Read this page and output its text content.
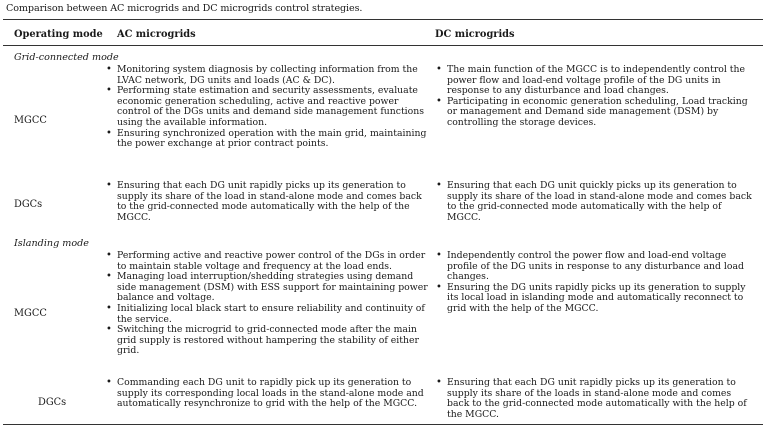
Comparison between AC microgrids and DC microgrids control strategies.
Operating mode AC microgrids	DC microgrids
Grid-connected mode
MGCC
• Monitoring system diagnosis by collecting information from the LVAC network, DG units and loads (AC & DC).
• Performing state estimation and security assessments, evaluate economic generation scheduling, active and reactive power control of the DGs units and demand side management functions using the available information.
• Ensuring synchronized operation with the main grid, maintaining the power exchange at prior contract points.
• The main function of the MGCC is to independently control the power flow and load-end voltage profile of the DG units in response to any disturbance and load changes.
• Participating in economic generation scheduling, Load tracking or management and Demand side management (DSM) by controlling the storage devices.
DGCs
• Ensuring that each DG unit rapidly picks up its generation to supply its share of the load in stand-alone mode and comes back to the grid-connected mode automatically with the help of the MGCC.
• Ensuring that each DG unit quickly picks up its generation to supply its share of the load in stand-alone mode and comes back to the grid-connected mode automatically with the help of MGCC.
Islanding mode
MGCC
• Performing active and reactive power control of the DGs in order to maintain stable voltage and frequency at the load ends.
• Managing load interruption/shedding strategies using demand side management (DSM) with ESS support for maintaining power balance and voltage.
• Initializing local black start to ensure reliability and continuity of the service.
• Switching the microgrid to grid-connected mode after the main grid supply is restored without hampering the stability of either grid.
• Independently control the power flow and load-end voltage profile of the DG units in response to any disturbance and load changes.
• Ensuring the DG units rapidly picks up its generation to supply its local load in islanding mode and automatically reconnect to grid with the help of the MGCC.
DGCs
• Commanding each DG unit to rapidly pick up its generation to supply its corresponding local loads in the stand-alone mode and automatically resynchronize to grid with the help of the MGCC.
• Ensuring that each DG unit rapidly picks up its generation to supply its share of the loads in stand-alone mode and comes back to the grid-connected mode automatically with the help of the MGCC.
